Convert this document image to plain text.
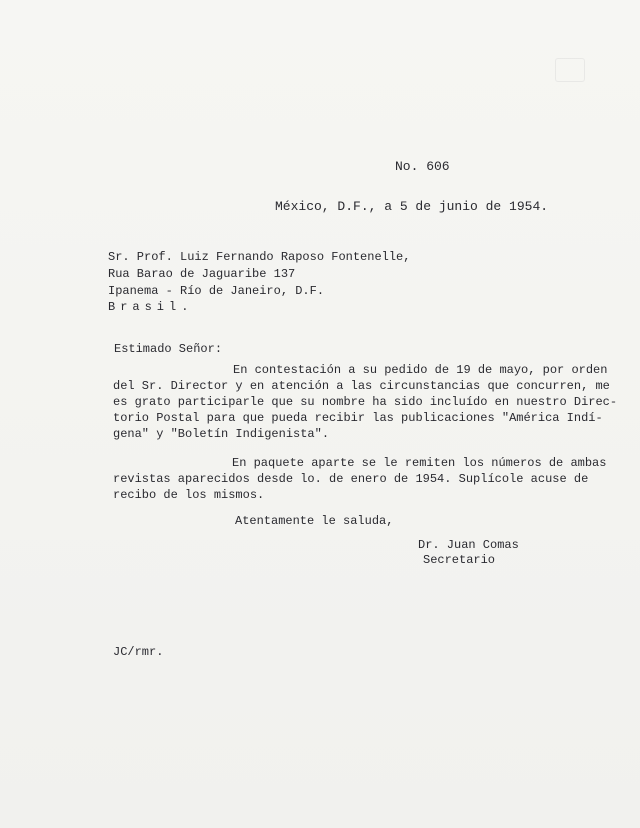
No. 606
México, D.F., a 5 de junio de 1954.
Sr. Prof. Luiz Fernando Raposo Fontenelle,
Rua Barao de Jaguaribe 137
Ipanema - Río de Janeiro, D.F.
Brasil.
Estimado Señor:
En contestación a su pedido de 19 de mayo, por orden
del Sr. Director y en atención a las circunstancias que concurren, me
es grato participarle que su nombre ha sido incluído en nuestro Direc-
torio Postal para que pueda recibir las publicaciones "América Indí-
gena" y "Boletín Indigenista".
En paquete aparte se le remiten los números de ambas
revistas aparecidos desde lo. de enero de 1954. Suplícole acuse de
recibo de los mismos.
Atentamente le saluda,
Dr. Juan Comas
Secretario
JC/rmr.
